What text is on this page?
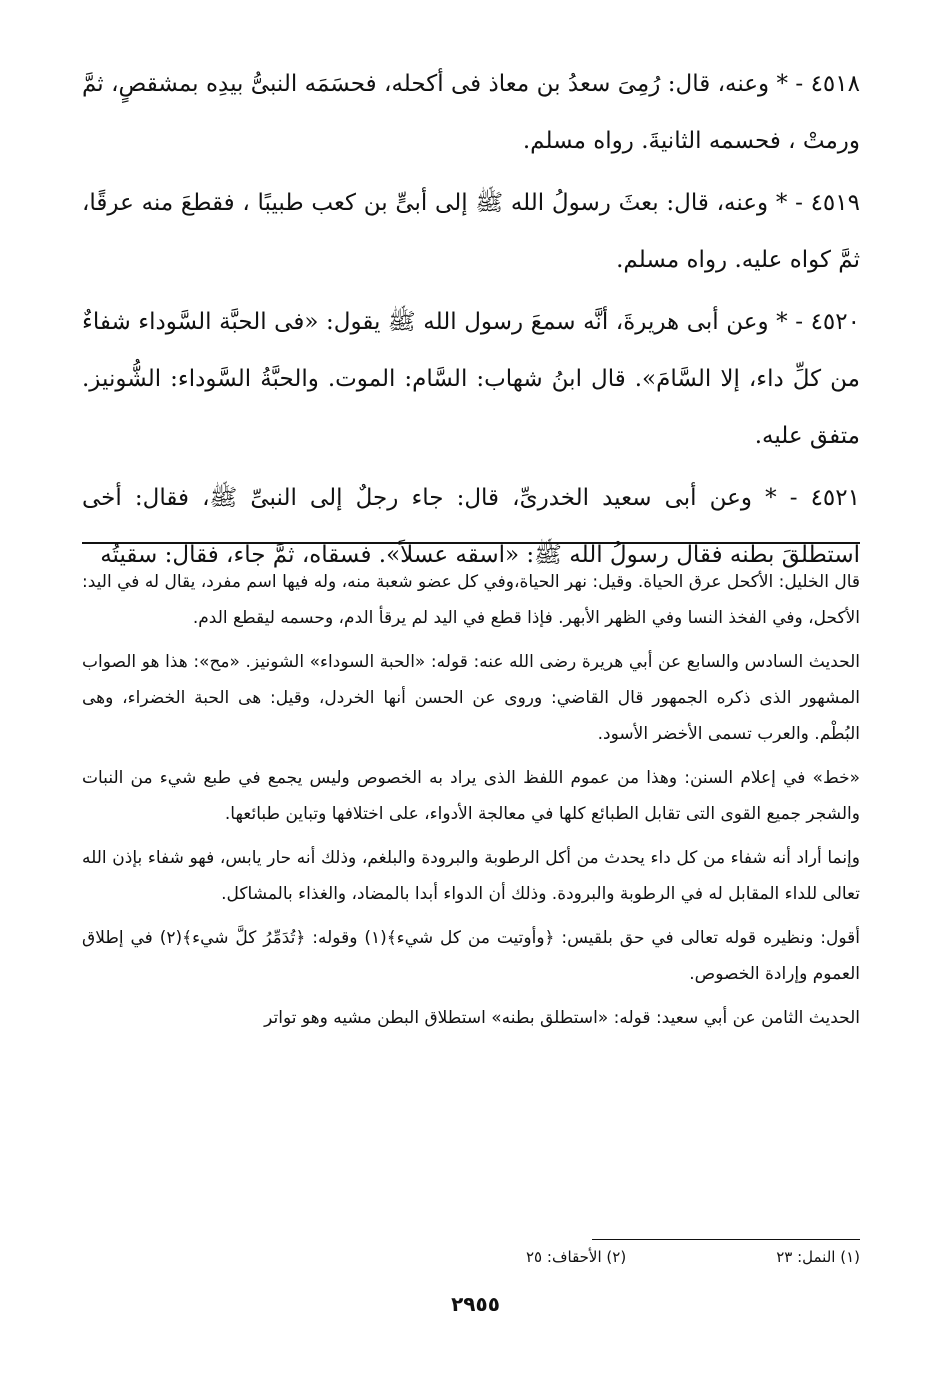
٤٥١٨ - * وعنه، قال: رُمِىَ سعدُ بن معاذ فى أكحله، فحسَمَه النبىُّ بيدِه بمشقصٍ، ثمَّ ورمتْ ، فحسمه الثانيةَ. رواه مسلم.

٤٥١٩ - * وعنه، قال: بعثَ رسولُ الله ﷺ إلى أبىٍّ بن كعب طبيبًا ، فقطعَ منه عرقًا، ثمَّ كواه عليه. رواه مسلم.

٤٥٢٠ - * وعن أبى هريرةَ، أنَّه سمعَ رسول الله ﷺ يقول: «فى الحبَّة السَّوداء شفاءٌ من كلِّ داء، إلا السَّامَ». قال ابنُ شهاب: السَّام: الموت. والحبَّةُ السَّوداء: الشُّونيز. متفق عليه.

٤٥٢١ - * وعن أبى سعيد الخدرىِّ، قال: جاء رجلٌ إلى النبىِّ ﷺ، فقال: أخى استطلقَ بطنه فقال رسولُ الله ﷺ: «اسقه عسلاً». فسقاه، ثمَّ جاء، فقال: سقيتُه

قال الخليل: الأكحل عرق الحياة. وقيل: نهر الحياة،وفي كل عضو شعبة منه، وله فيها اسم مفرد، يقال له في اليد: الأكحل، وفي الفخذ النسا وفي الظهر الأبهر. فإذا قطع في اليد لم يرقأ الدم، وحسمه ليقطع الدم.

الحديث السادس والسابع عن أبي هريرة رضى الله عنه: قوله: «الحبة السوداء» الشونيز. «مح»: هذا هو الصواب المشهور الذى ذكره الجمهور قال القاضي: وروى عن الحسن أنها الخردل، وقيل: هى الحبة الخضراء، وهى البُطْم. والعرب تسمى الأخضر الأسود.

«خط» في إعلام السنن: وهذا من عموم اللفظ الذى يراد به الخصوص وليس يجمع في طبع شيء من النبات والشجر جميع القوى التى تقابل الطبائع كلها في معالجة الأدواء، على اختلافها وتباين طبائعها.

وإنما أراد أنه شفاء من كل داء يحدث من أكل الرطوبة والبرودة والبلغم، وذلك أنه حار يابس، فهو شفاء بإذن الله تعالى للداء المقابل له في الرطوبة والبرودة. وذلك أن الدواء أبدا بالمضاد، والغذاء بالمشاكل.

أقول: ونظيره قوله تعالى في حق بلقيس: ﴿وأوتيت من كل شيء﴾(١) وقوله: ﴿تُدَمِّرُ كلَّ شيء﴾(٢) في إطلاق العموم وإرادة الخصوص.

الحديث الثامن عن أبي سعيد: قوله: «استطلق بطنه» استطلاق البطن مشيه وهو تواتر

(١) النمل: ٢٣
(٢) الأحقاف: ٢٥
٢٩٥٥
